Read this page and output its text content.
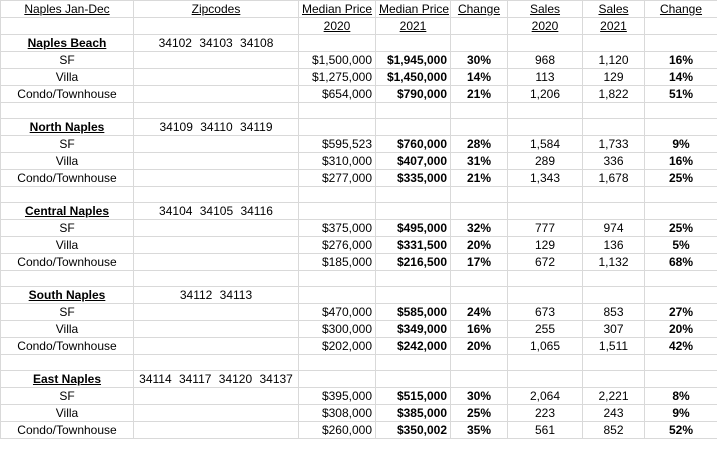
Naples Jan-Dec	Zipcodes	Median Price	Median Price	Change	Sales	Sales	Change
		2020	2021		2020	2021	
Naples Beach	34102 34103 34108						
SF		$1,500,000	$1,945,000	30%	968	1,120	16%
Villa		$1,275,000	$1,450,000	14%	113	129	14%
Condo/Townhouse		$654,000	$790,000	21%	1,206	1,822	51%

North Naples	34109 34110 34119						
SF		$595,523	$760,000	28%	1,584	1,733	9%
Villa		$310,000	$407,000	31%	289	336	16%
Condo/Townhouse		$277,000	$335,000	21%	1,343	1,678	25%

Central Naples	34104 34105 34116						
SF		$375,000	$495,000	32%	777	974	25%
Villa		$276,000	$331,500	20%	129	136	5%
Condo/Townhouse		$185,000	$216,500	17%	672	1,132	68%

South Naples	34112 34113						
SF		$470,000	$585,000	24%	673	853	27%
Villa		$300,000	$349,000	16%	255	307	20%
Condo/Townhouse		$202,000	$242,000	20%	1,065	1,511	42%

East Naples	34114 34117 34120 34137						
SF		$395,000	$515,000	30%	2,064	2,221	8%
Villa		$308,000	$385,000	25%	223	243	9%
Condo/Townhouse		$260,000	$350,002	35%	561	852	52%
